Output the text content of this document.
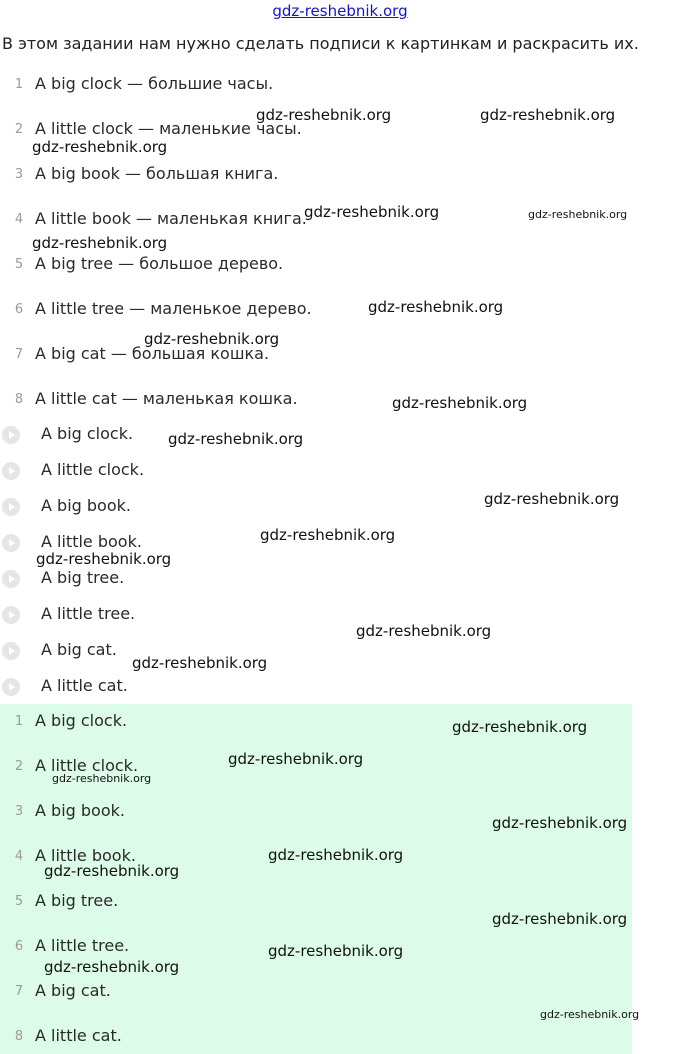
gdz-reshebnik.org
В этом задании нам нужно сделать подписи к картинкам и раскрасить их.
1 A big clock — большие часы.
2 A little clock — маленькие часы.
3 A big book — большая книга.
4 A little book — маленькая книга.
5 A big tree — большое дерево.
6 A little tree — маленькое дерево.
7 A big cat — большая кошка.
8 A little cat — маленькая кошка.
A big clock.
A little clock.
A big book.
A little book.
A big tree.
A little tree.
A big cat.
A little cat.
1 A big clock.
2 A little clock.
3 A big book.
4 A little book.
5 A big tree.
6 A little tree.
7 A big cat.
8 A little cat.
gdz-reshebnik.org	gdz-reshebnik.org
gdz-reshebnik.org
gdz-reshebnik.org	gdz-reshebnik.org
gdz-reshebnik.org
gdz-reshebnik.org
gdz-reshebnik.org
gdz-reshebnik.org
gdz-reshebnik.org
gdz-reshebnik.org
gdz-reshebnik.org
gdz-reshebnik.org
gdz-reshebnik.org
gdz-reshebnik.org
gdz-reshebnik.org
gdz-reshebnik.org
gdz-reshebnik.org
gdz-reshebnik.org
gdz-reshebnik.org
gdz-reshebnik.org
gdz-reshebnik.org
gdz-reshebnik.org
gdz-reshebnik.org
gdz-reshebnik.org
